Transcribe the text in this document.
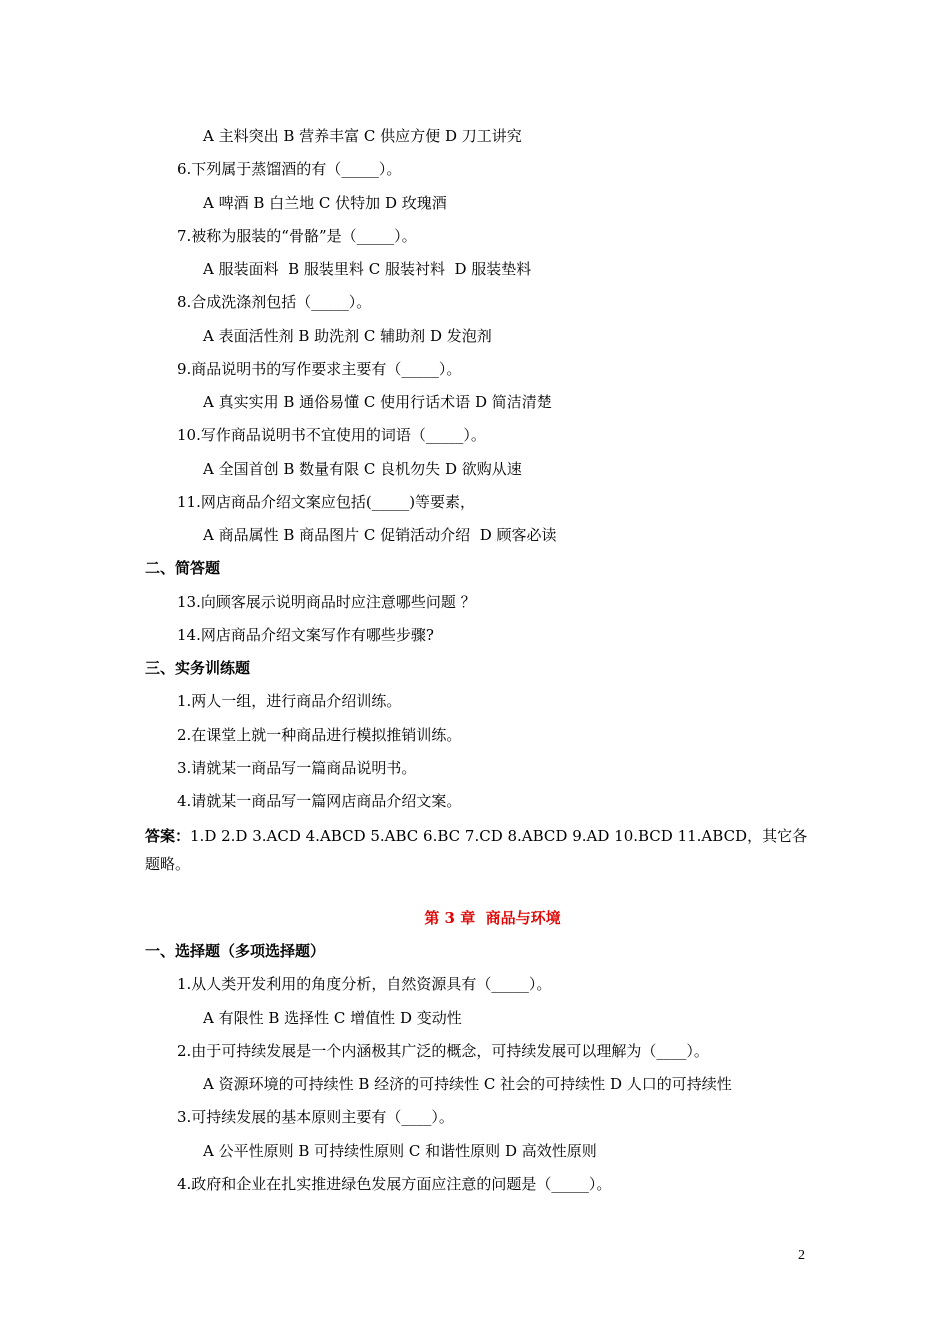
A 主料突出 B 营养丰富 C 供应方便 D 刀工讲究
6.下列属于蒸馏酒的有（_____）。
A 啤酒 B 白兰地 C 伏特加 D 玫瑰酒
7.被称为服装的“骨骼”是（_____）。
A 服装面料  B 服装里料 C 服装衬料  D 服装垫料
8.合成洗涤剂包括（_____）。
A 表面活性剂 B 助洗剂 C 辅助剂 D 发泡剂
9.商品说明书的写作要求主要有（_____）。
A 真实实用 B 通俗易懂 C 使用行话术语 D 简洁清楚
10.写作商品说明书不宜使用的词语（_____）。
A 全国首创 B 数量有限 C 良机勿失 D 欲购从速
11.网店商品介绍文案应包括(_____)等要素，
A 商品属性 B 商品图片 C 促销活动介绍  D 顾客必读
二、简答题
13.向顾客展示说明商品时应注意哪些问题 ？
14.网店商品介绍文案写作有哪些步骤?
三、实务训练题
1.两人一组，进行商品介绍训练。
2.在课堂上就一种商品进行模拟推销训练。
3.请就某一商品写一篇商品说明书。
4.请就某一商品写一篇网店商品介绍文案。
答案：1.D 2.D 3.ACD 4.ABCD 5.ABC 6.BC 7.CD 8.ABCD 9.AD 10.BCD 11.ABCD，其它各题略。
第 3 章  商品与环境
一、选择题（多项选择题）
1.从人类开发利用的角度分析，自然资源具有（_____）。
A 有限性 B 选择性 C 增值性 D 变动性
2.由于可持续发展是一个内涵极其广泛的概念，可持续发展可以理解为（____）。
A 资源环境的可持续性 B 经济的可持续性 C 社会的可持续性 D 人口的可持续性
3.可持续发展的基本原则主要有（____）。
A 公平性原则 B 可持续性原则 C 和谐性原则 D 高效性原则
4.政府和企业在扎实推进绿色发展方面应注意的问题是（_____）。
2
